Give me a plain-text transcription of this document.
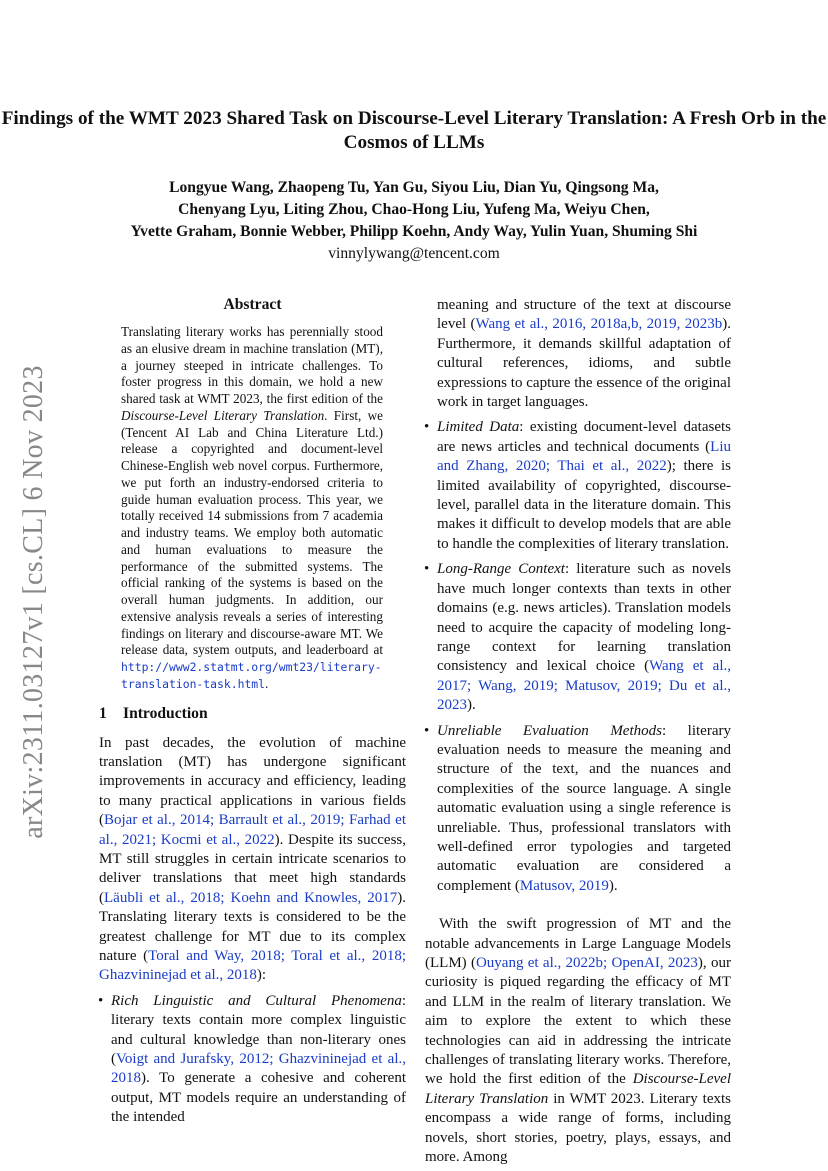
arXiv:2311.03127v1 [cs.CL] 6 Nov 2023
Findings of the WMT 2023 Shared Task on Discourse-Level Literary Translation: A Fresh Orb in the Cosmos of LLMs
Longyue Wang, Zhaopeng Tu, Yan Gu, Siyou Liu, Dian Yu, Qingsong Ma,
Chenyang Lyu, Liting Zhou, Chao-Hong Liu, Yufeng Ma, Weiyu Chen,
Yvette Graham, Bonnie Webber, Philipp Koehn, Andy Way, Yulin Yuan, Shuming Shi
vinnylywang@tencent.com
Abstract
Translating literary works has perennially stood as an elusive dream in machine translation (MT), a journey steeped in intricate challenges. To foster progress in this domain, we hold a new shared task at WMT 2023, the first edition of the Discourse-Level Literary Translation. First, we (Tencent AI Lab and China Literature Ltd.) release a copyrighted and document-level Chinese-English web novel corpus. Furthermore, we put forth an industry-endorsed criteria to guide human evaluation process. This year, we totally received 14 submissions from 7 academia and industry teams. We employ both automatic and human evaluations to measure the performance of the submitted systems. The official ranking of the systems is based on the overall human judgments. In addition, our extensive analysis reveals a series of interesting findings on literary and discourse-aware MT. We release data, system outputs, and leaderboard at http://www2.statmt.org/wmt23/literary-translation-task.html.
1 Introduction

In past decades, the evolution of machine translation (MT) has undergone significant improvements in accuracy and efficiency, leading to many practical applications in various fields (Bojar et al., 2014; Barrault et al., 2019; Farhad et al., 2021; Kocmi et al., 2022). Despite its success, MT still struggles in certain intricate scenarios to deliver translations that meet high standards (Läubli et al., 2018; Koehn and Knowles, 2017). Translating literary texts is considered to be the greatest challenge for MT due to its complex nature (Toral and Way, 2018; Toral et al., 2018; Ghazvininejad et al., 2018):

• Rich Linguistic and Cultural Phenomena: literary texts contain more complex linguistic and cultural knowledge than non-literary ones (Voigt and Jurafsky, 2012; Ghazvininejad et al., 2018). To generate a cohesive and coherent output, MT models require an understanding of the intended

meaning and structure of the text at discourse level (Wang et al., 2016, 2018a,b, 2019, 2023b). Furthermore, it demands skillful adaptation of cultural references, idioms, and subtle expressions to capture the essence of the original work in target languages.

• Limited Data: existing document-level datasets are news articles and technical documents (Liu and Zhang, 2020; Thai et al., 2022); there is limited availability of copyrighted, discourse-level, parallel data in the literature domain. This makes it difficult to develop models that are able to handle the complexities of literary translation.
• Long-Range Context: literature such as novels have much longer contexts than texts in other domains (e.g. news articles). Translation models need to acquire the capacity of modeling long-range context for learning translation consistency and lexical choice (Wang et al., 2017; Wang, 2019; Matusov, 2019; Du et al., 2023).
• Unreliable Evaluation Methods: literary evaluation needs to measure the meaning and structure of the text, and the nuances and complexities of the source language. A single automatic evaluation using a single reference is unreliable. Thus, professional translators with well-defined error typologies and targeted automatic evaluation are considered a complement (Matusov, 2019).

With the swift progression of MT and the notable advancements in Large Language Models (LLM) (Ouyang et al., 2022b; OpenAI, 2023), our curiosity is piqued regarding the efficacy of MT and LLM in the realm of literary translation. We aim to explore the extent to which these technologies can aid in addressing the intricate challenges of translating literary works. Therefore, we hold the first edition of the Discourse-Level Literary Translation in WMT 2023. Literary texts encompass a wide range of forms, including novels, short stories, poetry, plays, essays, and more. Among
